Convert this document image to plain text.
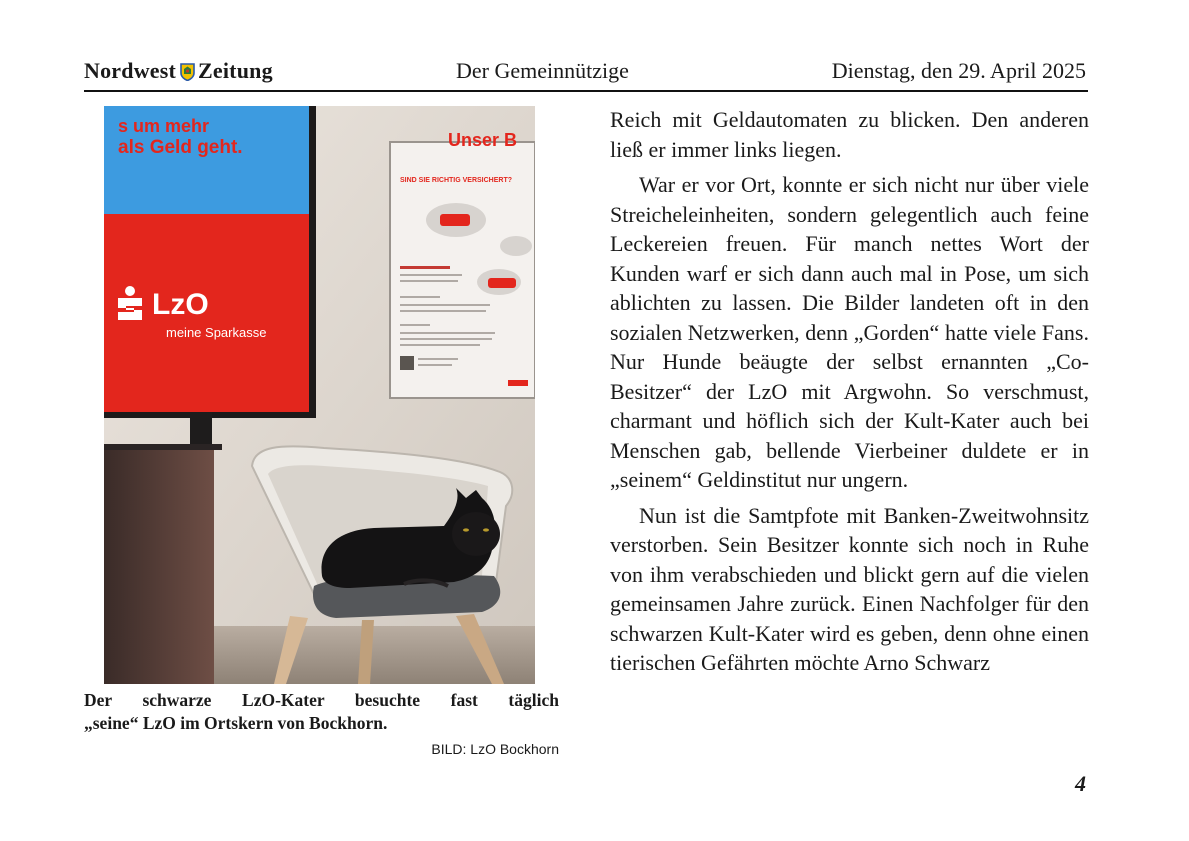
Nordwest Zeitung	Der Gemeinnützige	Dienstag, den 29. April 2025
s um mehr
als Geld geht.
LzO
meine Sparkasse
Unser B
SIND SIE RICHTIG VERSICHERT?
Der schwarze LzO-Kater besuchte fast täglich
„seine“ LzO im Ortskern von Bockhorn.
BILD: LzO Bockhorn

Reich mit Geldautomaten zu blicken. Den anderen ließ er immer links liegen.

War er vor Ort, konnte er sich nicht nur über viele Streicheleinheiten, sondern gelegentlich auch feine Leckereien freuen. Für manch nettes Wort der Kunden warf er sich dann auch mal in Pose, um sich ablichten zu lassen. Die Bilder landeten oft in den sozialen Netzwerken, denn „Gorden“ hatte viele Fans. Nur Hunde beäugte der selbst ernannten „Co-Besitzer“ der LzO mit Argwohn. So verschmust, charmant und höflich sich der Kult-Kater auch bei Menschen gab, bellende Vierbeiner duldete er in „seinem“ Geldinstitut nur ungern.

Nun ist die Samtpfote mit Banken-Zweitwohnsitz verstorben. Sein Besitzer konnte sich noch in Ruhe von ihm verabschieden und blickt gern auf die vielen gemeinsamen Jahre zurück. Einen Nachfolger für den schwarzen Kult-Kater wird es geben, denn ohne einen tierischen Gefährten möchte Arno Schwarz

4
